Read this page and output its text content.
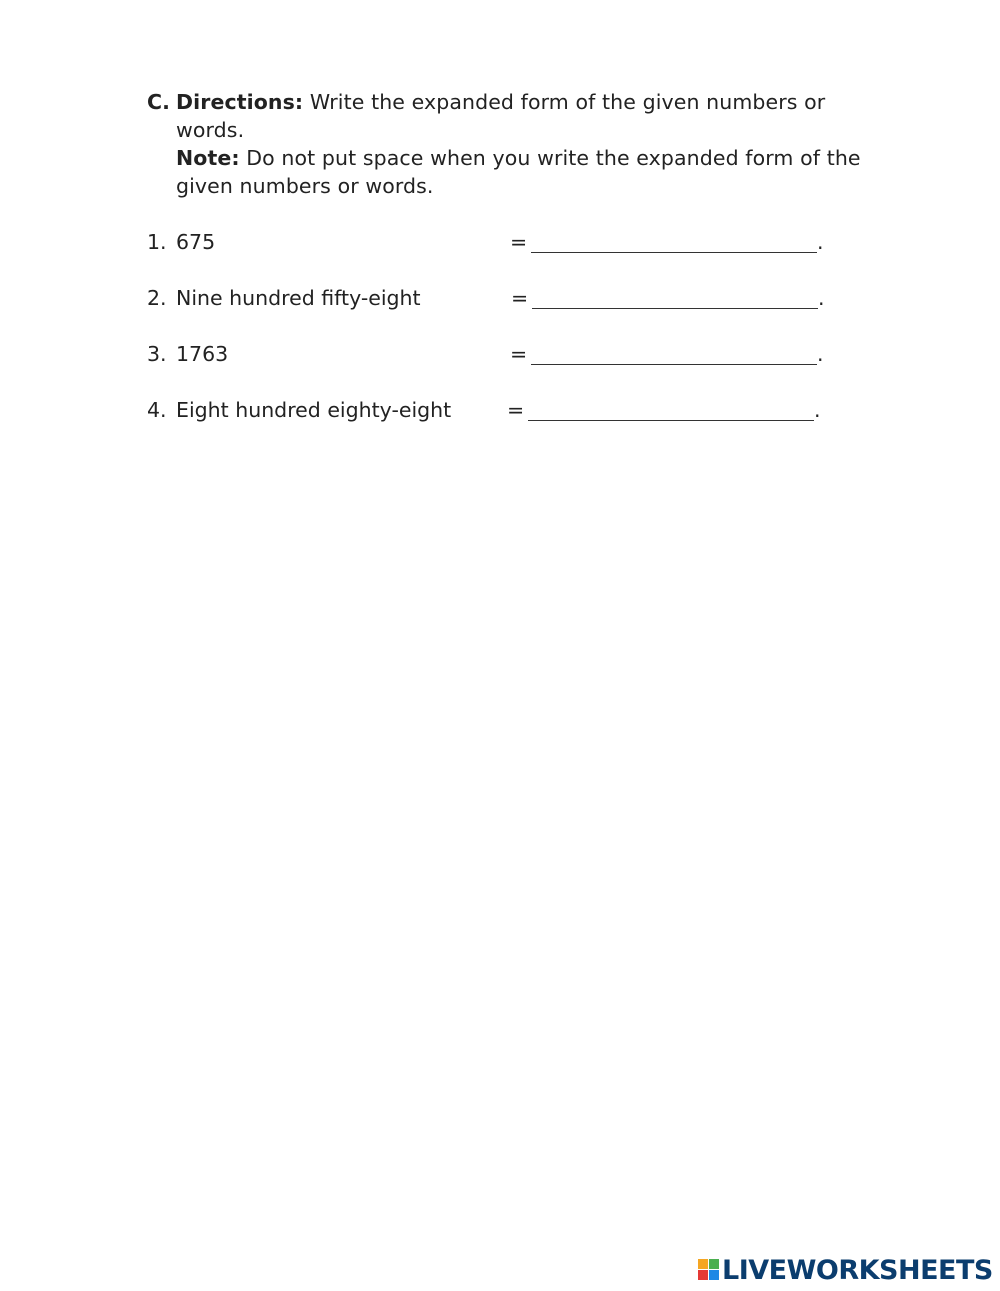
C. Directions: Write the expanded form of the given numbers or words.
Note: Do not put space when you write the expanded form of the given numbers or words.
1. 675	=	.
2. Nine hundred fifty-eight	=	.
3. 1763	=	.
4. Eight hundred eighty-eight	=	.
LIVEWORKSHEETS
